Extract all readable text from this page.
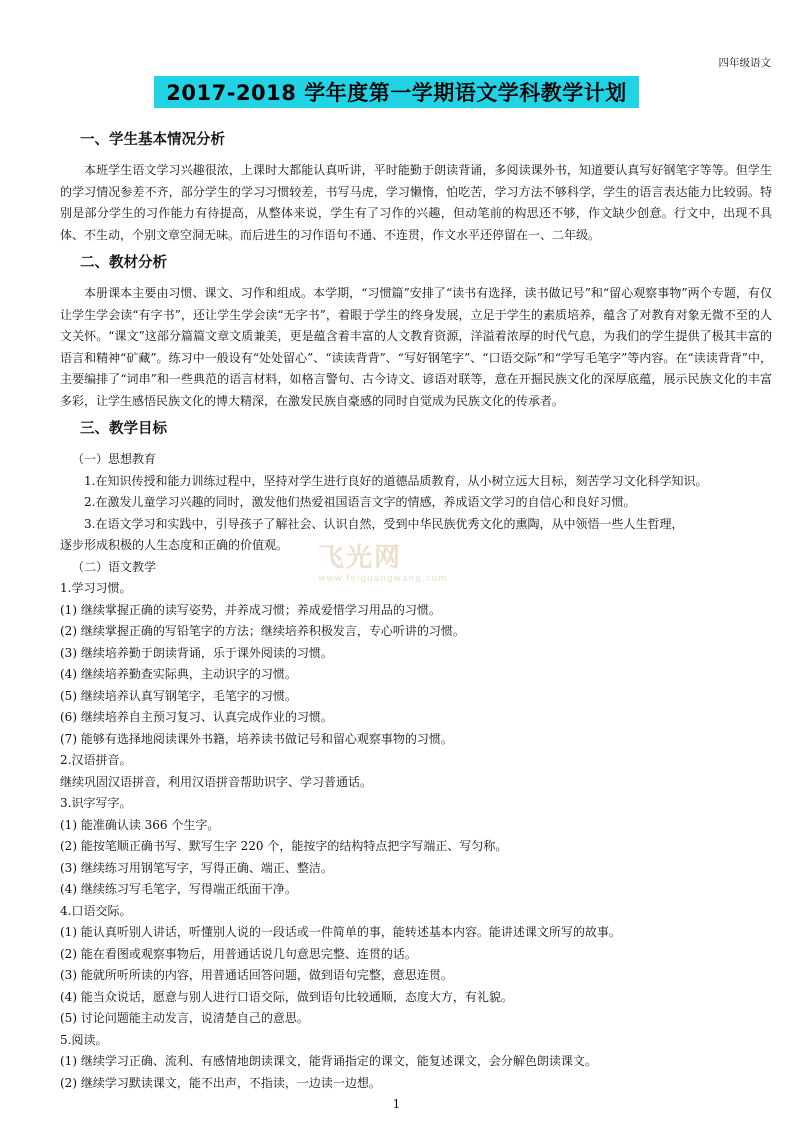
四年级语文
2017-2018 学年度第一学期语文学科教学计划
一、学生基本情况分析

本班学生语文学习兴趣很浓，上课时大都能认真听讲，平时能勤于朗读背诵，多阅读课外书，知道要认真写好钢笔字等等。但学生的学习情况参差不齐，部分学生的学习习惯较差，书写马虎，学习懒惰，怕吃苦，学习方法不够科学，学生的语言表达能力比较弱。特别是部分学生的习作能力有待提高，从整体来说，学生有了习作的兴趣，但动笔前的构思还不够，作文缺少创意。行文中，出现不具体、不生动，个别文章空洞无味。而后进生的习作语句不通、不连贯，作文水平还停留在一、二年级。

二、教材分析

本册课本主要由习惯、课文、习作和组成。本学期，“习惯篇”安排了“读书有选择，读书做记号”和“留心观察事物”两个专题，有仅让学生学会读“有字书”，还让学生学会读“无字书”，着眼于学生的终身发展，立足于学生的素质培养，蕴含了对教育对象无微不至的人文关怀。“课文”这部分篇篇文章文质兼美，更是蕴含着丰富的人文教育资源，洋溢着浓厚的时代气息，为我们的学生提供了极其丰富的语言和精神“矿藏”。练习中一般设有“处处留心”、“读读背背”、“写好钢笔字”、“口语交际”和“学写毛笔字”等内容。在“读读背背”中，主要编排了“词串”和一些典范的语言材料，如格言警句、古今诗文、谚语对联等，意在开掘民族文化的深厚底蕴，展示民族文化的丰富多彩，让学生感悟民族文化的博大精深，在激发民族自豪感的同时自觉成为民族文化的传承者。

三、教学目标

（一）思想教育

1.在知识传授和能力训练过程中，坚持对学生进行良好的道德品质教育，从小树立远大目标，刻苦学习文化科学知识。

2.在激发儿童学习兴趣的同时，激发他们热爱祖国语言文字的情感，养成语文学习的自信心和良好习惯。

3.在语文学习和实践中，引导孩子了解社会、认识自然，受到中华民族优秀文化的熏陶，从中领悟一些人生哲理，

逐步形成积极的人生态度和正确的价值观。

（二）语文教学

1.学习习惯。

(1) 继续掌握正确的读写姿势，并养成习惯；养成爱惜学习用品的习惯。

(2) 继续掌握正确的写铅笔字的方法；继续培养积极发言，专心听讲的习惯。

(3) 继续培养勤于朗读背诵，乐于课外阅读的习惯。

(4) 继续培养勤查实际典，主动识字的习惯。

(5) 继续培养认真写钢笔字，毛笔字的习惯。

(6) 继续培养自主预习复习、认真完成作业的习惯。

(7) 能够有选择地阅读课外书籍，培养读书做记号和留心观察事物的习惯。

2.汉语拼音。

继续巩固汉语拼音，利用汉语拼音帮助识字、学习普通话。

3.识字写字。

(1) 能准确认读 366 个生字。

(2) 能按笔顺正确书写、默写生字 220 个，能按字的结构特点把字写端正、写匀称。

(3) 继续练习用钢笔写字，写得正确、端正、整洁。

(4) 继续练习写毛笔字，写得端正纸面干净。

4.口语交际。

(1) 能认真听别人讲话，听懂别人说的一段话或一件简单的事，能转述基本内容。能讲述课文所写的故事。

(2) 能在看图或观察事物后，用普通话说几句意思完整、连贯的话。

(3) 能就所听所读的内容，用普通话回答问题，做到语句完整，意思连贯。

(4) 能当众说话，愿意与别人进行口语交际，做到语句比较通顺，态度大方，有礼貌。

(5) 讨论问题能主动发言，说清楚自己的意思。

5.阅读。

(1) 继续学习正确、流利、有感情地朗读课文，能背诵指定的课文，能复述课文，会分解色朗读课文。

(2) 继续学习默读课文，能不出声，不指读，一边读一边想。

飞光网
www.feiguangwang.com
1
